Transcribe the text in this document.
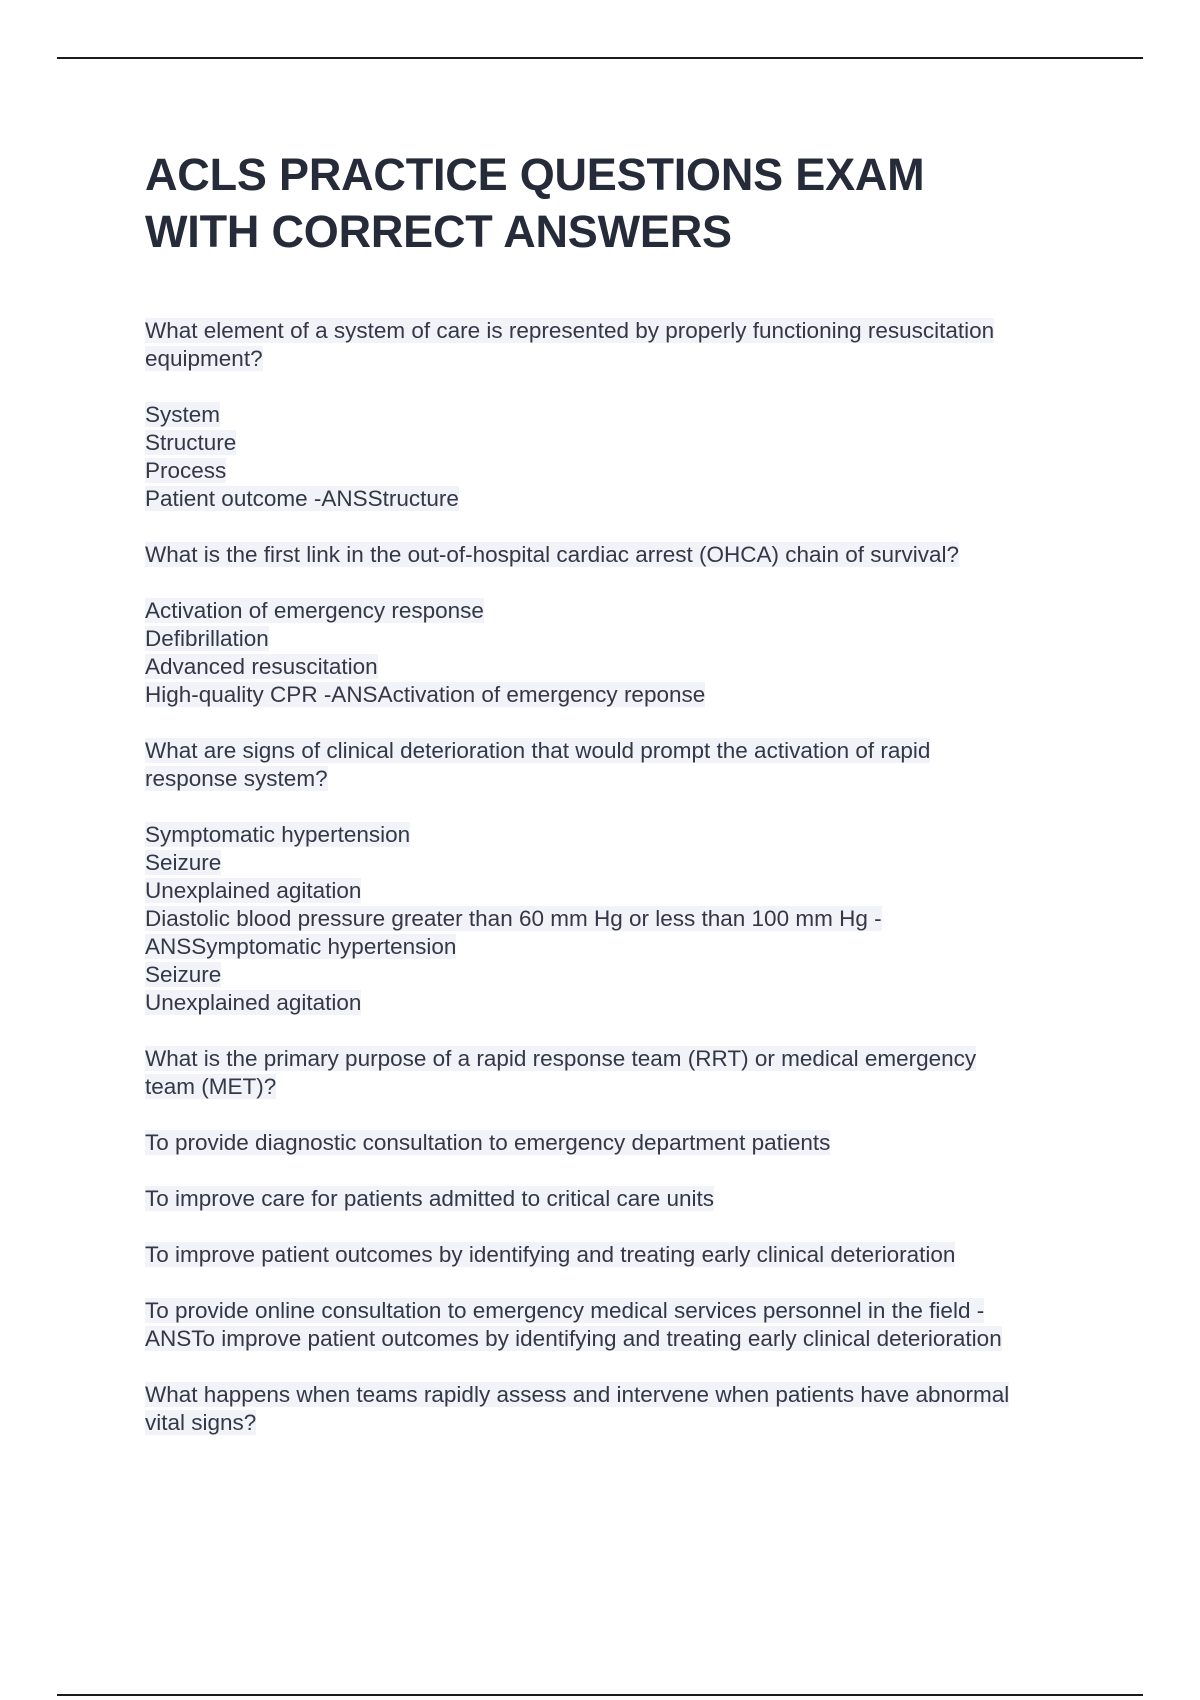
ACLS PRACTICE QUESTIONS EXAM
WITH CORRECT ANSWERS

What element of a system of care is represented by properly functioning resuscitation
equipment?

System
Structure
Process
Patient outcome -ANSStructure

What is the first link in the out-of-hospital cardiac arrest (OHCA) chain of survival?

Activation of emergency response
Defibrillation
Advanced resuscitation
High-quality CPR -ANSActivation of emergency reponse

What are signs of clinical deterioration that would prompt the activation of rapid
response system?

Symptomatic hypertension
Seizure
Unexplained agitation
Diastolic blood pressure greater than 60 mm Hg or less than 100 mm Hg -
ANSSymptomatic hypertension
Seizure
Unexplained agitation

What is the primary purpose of a rapid response team (RRT) or medical emergency
team (MET)?

To provide diagnostic consultation to emergency department patients

To improve care for patients admitted to critical care units

To improve patient outcomes by identifying and treating early clinical deterioration

To provide online consultation to emergency medical services personnel in the field -
ANSTo improve patient outcomes by identifying and treating early clinical deterioration

What happens when teams rapidly assess and intervene when patients have abnormal
vital signs?
